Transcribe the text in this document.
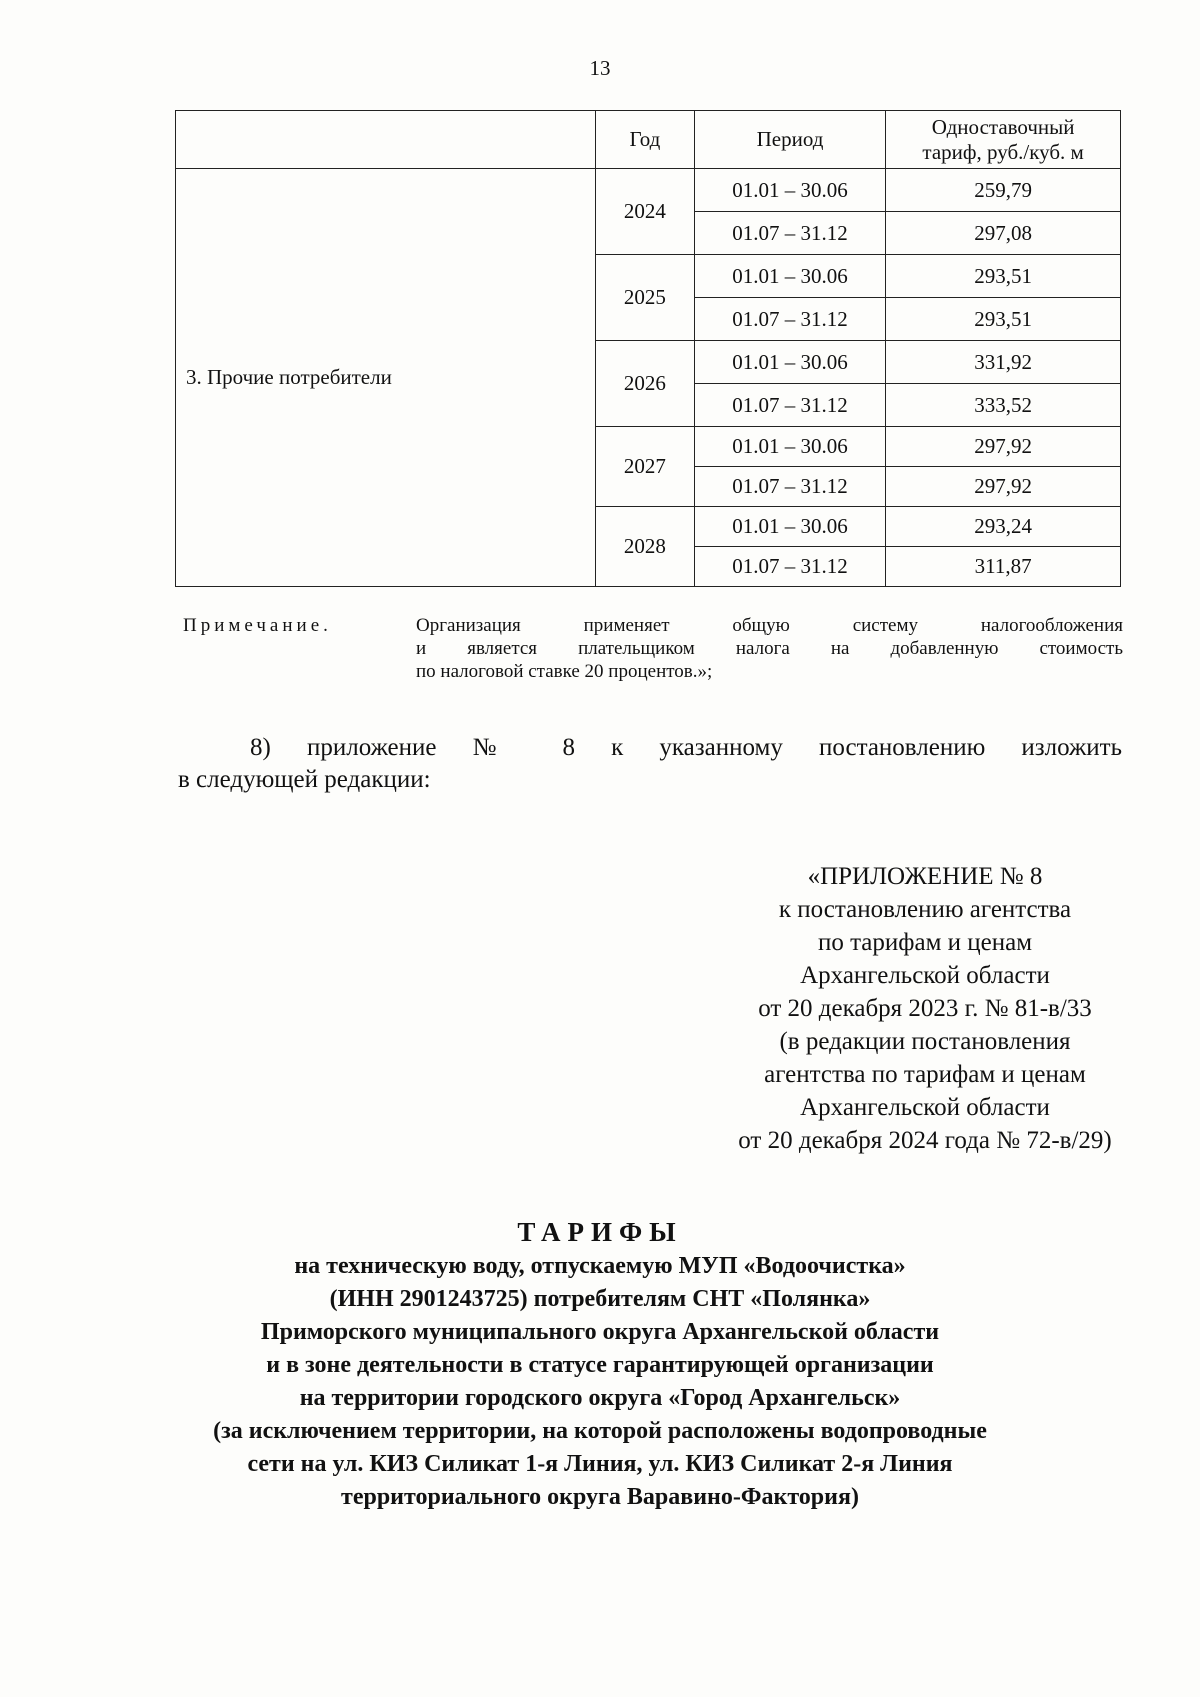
13
	Год	Период	Одноставочный
тариф, руб./куб. м
3. Прочие потребители	2024	01.01 – 30.06	259,79
		01.07 – 31.12	297,08
	2025	01.01 – 30.06	293,51
		01.07 – 31.12	293,51
	2026	01.01 – 30.06	331,92
		01.07 – 31.12	333,52
	2027	01.01 – 30.06	297,92
		01.07 – 31.12	297,92
	2028	01.01 – 30.06	293,24
		01.07 – 31.12	311,87
Примечание.	Организация применяет общую систему налогообложения
и является плательщиком налога на добавленную стоимость
по налоговой ставке 20 процентов.»;
8) приложение № 8 к указанному постановлению изложить
в следующей редакции:
«ПРИЛОЖЕНИЕ № 8
к постановлению агентства
по тарифам и ценам
Архангельской области
от 20 декабря 2023 г. № 81-в/33
(в редакции постановления
агентства по тарифам и ценам
Архангельской области
от 20 декабря 2024 года № 72-в/29)
ТАРИФЫ
на техническую воду, отпускаемую МУП «Водоочистка»
(ИНН 2901243725) потребителям СНТ «Полянка»
Приморского муниципального округа Архангельской области
и в зоне деятельности в статусе гарантирующей организации
на территории городского округа «Город Архангельск»
(за исключением территории, на которой расположены водопроводные
сети на ул. КИЗ Силикат 1-я Линия, ул. КИЗ Силикат 2-я Линия
территориального округа Варавино-Фактория)
